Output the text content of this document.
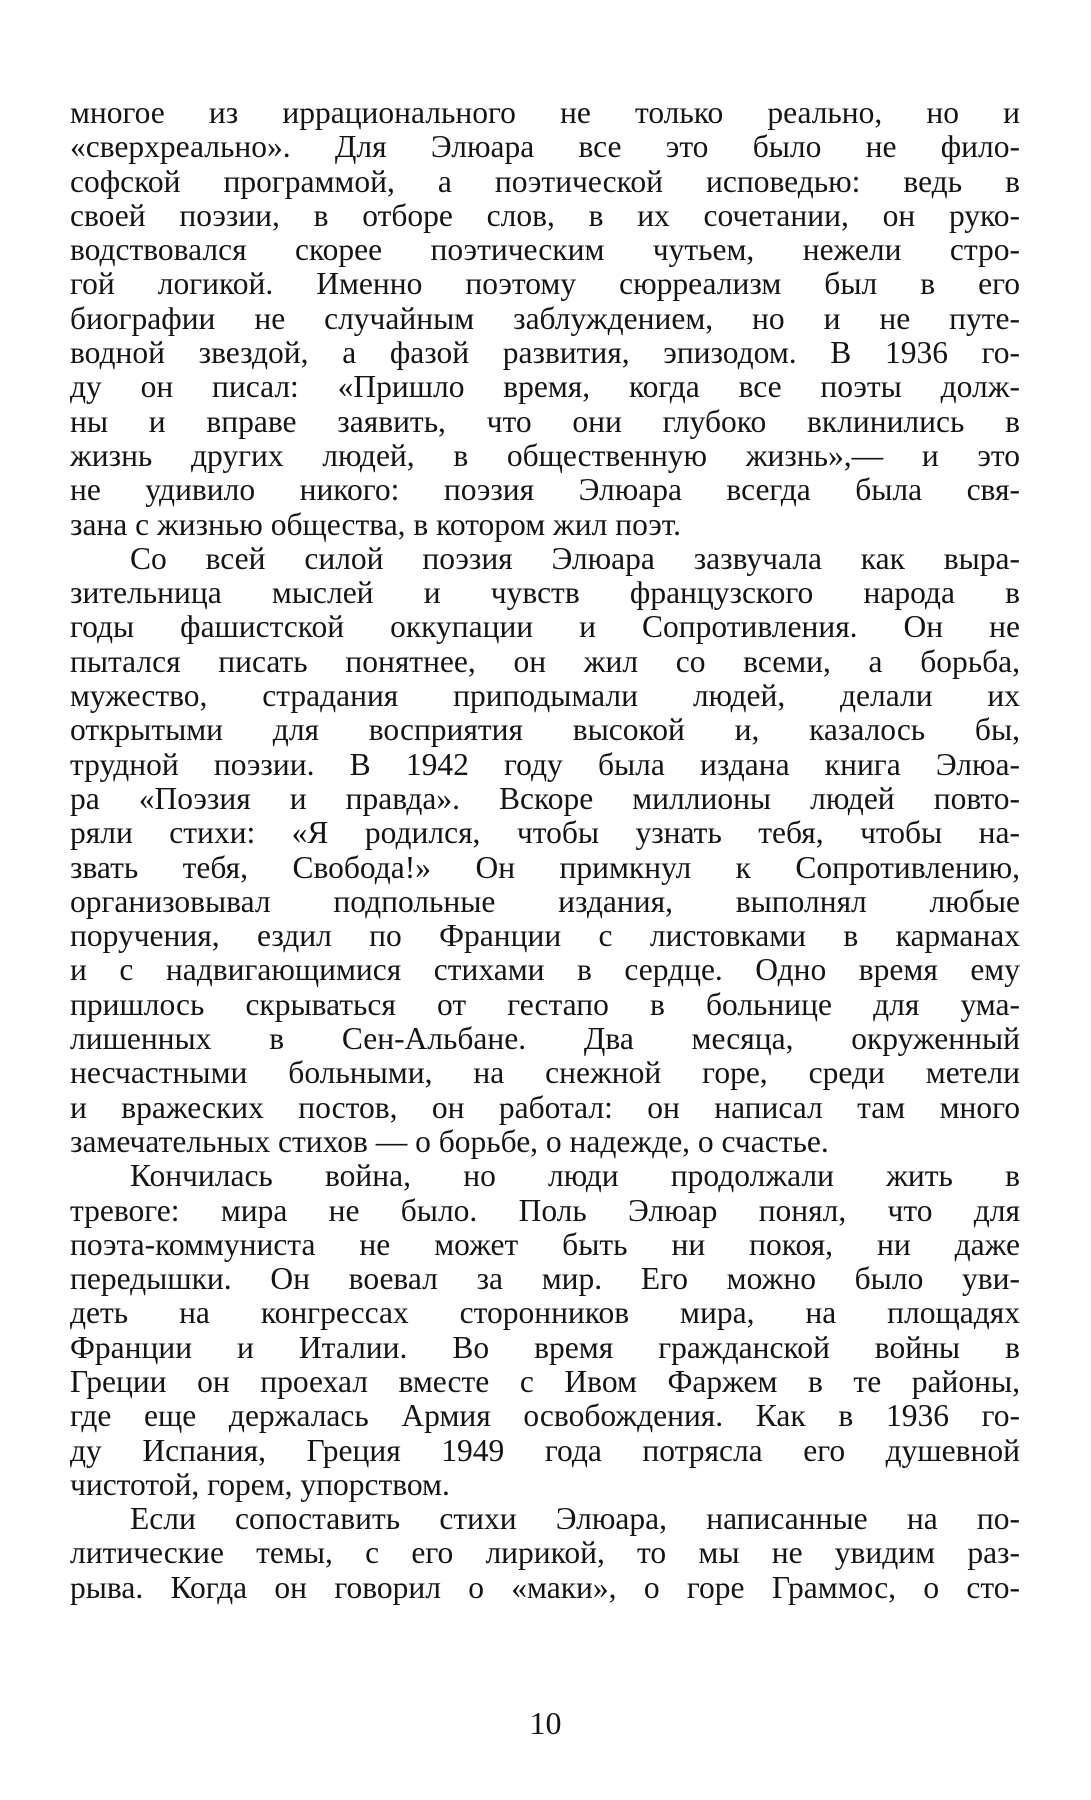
многое из иррационального не только реально, но и
«сверхреально». Для Элюара все это было не фило-
софской программой, а поэтической исповедью: ведь в
своей поэзии, в отборе слов, в их сочетании, он руко-
водствовался скорее поэтическим чутьем, нежели стро-
гой логикой. Именно поэтому сюрреализм был в его
биографии не случайным заблуждением, но и не путе-
водной звездой, а фазой развития, эпизодом. В 1936 го-
ду он писал: «Пришло время, когда все поэты долж-
ны и вправе заявить, что они глубоко вклинились в
жизнь других людей, в общественную жизнь»,— и это
не удивило никого: поэзия Элюара всегда была свя-
зана с жизнью общества, в котором жил поэт.
Со всей силой поэзия Элюара зазвучала как выра-
зительница мыслей и чувств французского народа в
годы фашистской оккупации и Сопротивления. Он не
пытался писать понятнее, он жил со всеми, а борьба,
мужество, страдания приподымали людей, делали их
открытыми для восприятия высокой и, казалось бы,
трудной поэзии. В 1942 году была издана книга Элюа-
ра «Поэзия и правда». Вскоре миллионы людей повто-
ряли стихи: «Я родился, чтобы узнать тебя, чтобы на-
звать тебя, Свобода!» Он примкнул к Сопротивлению,
организовывал подпольные издания, выполнял любые
поручения, ездил по Франции с листовками в карманах
и с надвигающимися стихами в сердце. Одно время ему
пришлось скрываться от гестапо в больнице для ума-
лишенных в Сен-Альбане. Два месяца, окруженный
несчастными больными, на снежной горе, среди метели
и вражеских постов, он работал: он написал там много
замечательных стихов — о борьбе, о надежде, о счастье.
Кончилась война, но люди продолжали жить в
тревоге: мира не было. Поль Элюар понял, что для
поэта-коммуниста не может быть ни покоя, ни даже
передышки. Он воевал за мир. Его можно было уви-
деть на конгрессах сторонников мира, на площадях
Франции и Италии. Во время гражданской войны в
Греции он проехал вместе с Ивом Фаржем в те районы,
где еще держалась Армия освобождения. Как в 1936 го-
ду Испания, Греция 1949 года потрясла его душевной
чистотой, горем, упорством.
Если сопоставить стихи Элюара, написанные на по-
литические темы, с его лирикой, то мы не увидим раз-
рыва. Когда он говорил о «маки», о горе Граммос, о сто-
10
